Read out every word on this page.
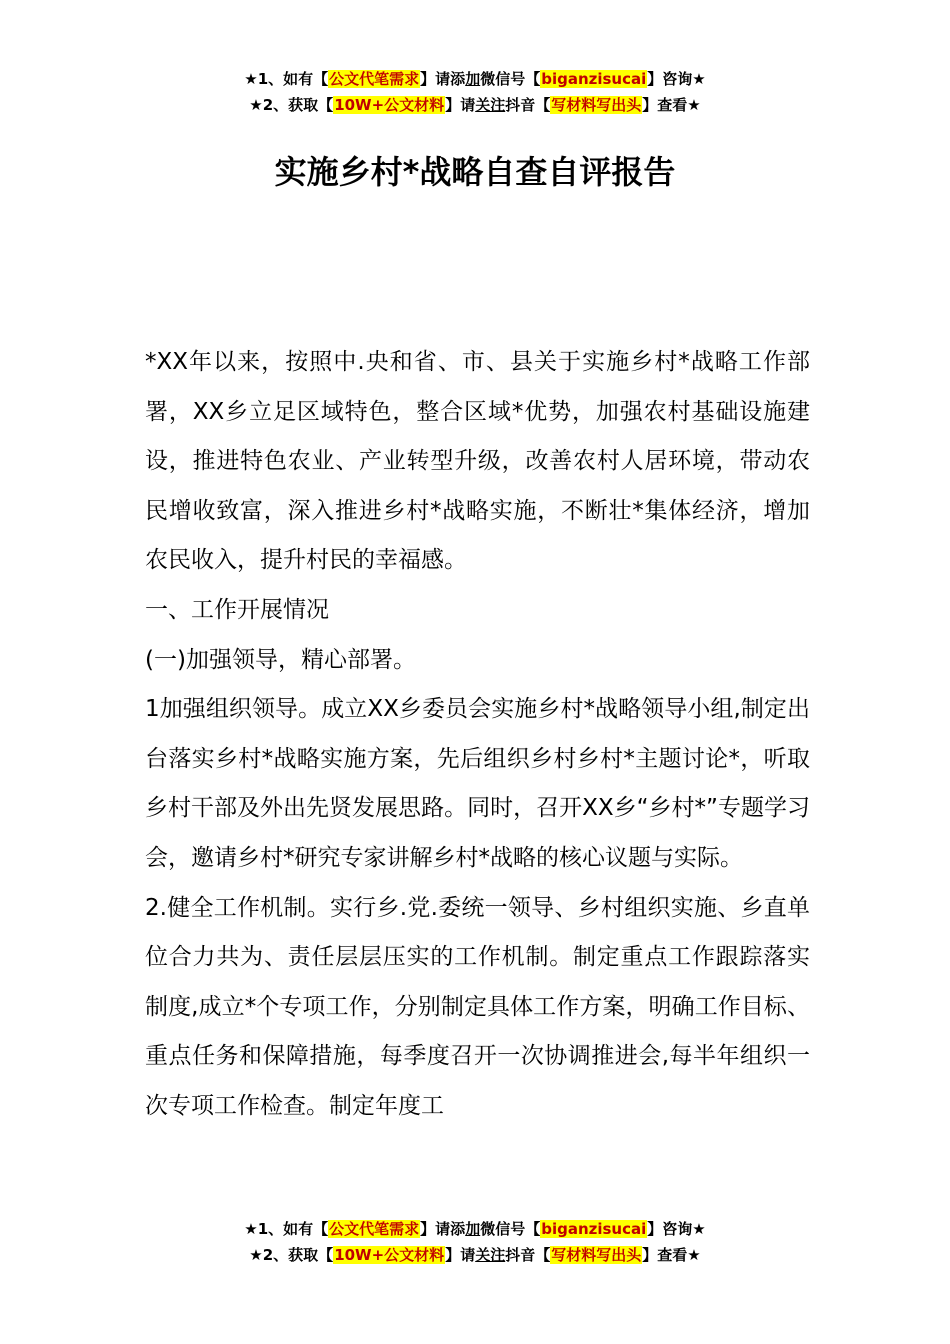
★1、如有【公文代笔需求】请添加微信号【biganzisucai】咨询★
★2、获取【10W+公文材料】请关注抖音【写材料写出头】查看★
实施乡村*战略自查自评报告

*XX年以来，按照中.央和省、市、县关于实施乡村*战略工作部署，XX乡立足区域特色，整合区域*优势，加强农村基础设施建设，推进特色农业、产业转型升级，改善农村人居环境，带动农民增收致富，深入推进乡村*战略实施，不断壮*集体经济，增加农民收入，提升村民的幸福感。

一、工作开展情况

(一)加强领导，精心部署。

1加强组织领导。成立XX乡委员会实施乡村*战略领导小组,制定出台落实乡村*战略实施方案，先后组织乡村乡村*主题讨论*，听取乡村干部及外出先贤发展思路。同时，召开XX乡“乡村*”专题学习会，邀请乡村*研究专家讲解乡村*战略的核心议题与实际。

2.健全工作机制。实行乡.党.委统一领导、乡村组织实施、乡直单位合力共为、责任层层压实的工作机制。制定重点工作跟踪落实制度,成立*个专项工作，分别制定具体工作方案，明确工作目标、重点任务和保障措施，每季度召开一次协调推进会,每半年组织一次专项工作检查。制定年度工

★1、如有【公文代笔需求】请添加微信号【biganzisucai】咨询★
★2、获取【10W+公文材料】请关注抖音【写材料写出头】查看★
